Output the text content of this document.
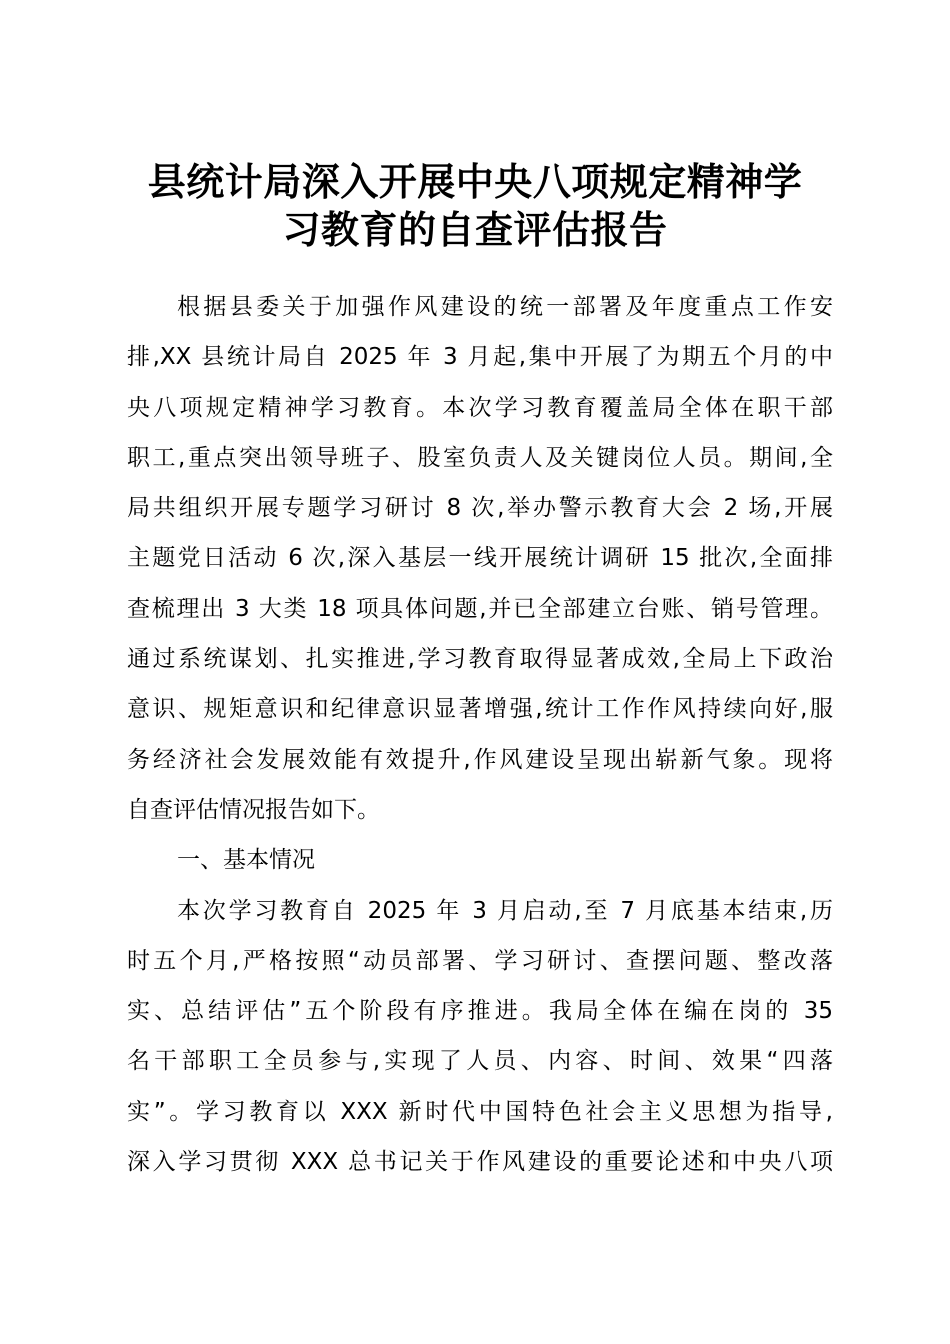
县统计局深入开展中央八项规定精神学
习教育的自查评估报告
根据县委关于加强作风建设的统一部署及年度重点工作安
排,XX 县统计局自 2025 年 3 月起,集中开展了为期五个月的中
央八项规定精神学习教育。本次学习教育覆盖局全体在职干部
职工,重点突出领导班子、股室负责人及关键岗位人员。期间,全
局共组织开展专题学习研讨 8 次,举办警示教育大会 2 场,开展
主题党日活动 6 次,深入基层一线开展统计调研 15 批次,全面排
查梳理出 3 大类 18 项具体问题,并已全部建立台账、销号管理。
通过系统谋划、扎实推进,学习教育取得显著成效,全局上下政治
意识、规矩意识和纪律意识显著增强,统计工作作风持续向好,服
务经济社会发展效能有效提升,作风建设呈现出崭新气象。现将
自查评估情况报告如下。
一、基本情况
本次学习教育自 2025 年 3 月启动,至 7 月底基本结束,历
时五个月,严格按照“动员部署、学习研讨、查摆问题、整改落
实、总结评估”五个阶段有序推进。我局全体在编在岗的 35
名干部职工全员参与,实现了人员、内容、时间、效果“四落
实”。学习教育以 XXX 新时代中国特色社会主义思想为指导,
深入学习贯彻 XXX 总书记关于作风建设的重要论述和中央八项
